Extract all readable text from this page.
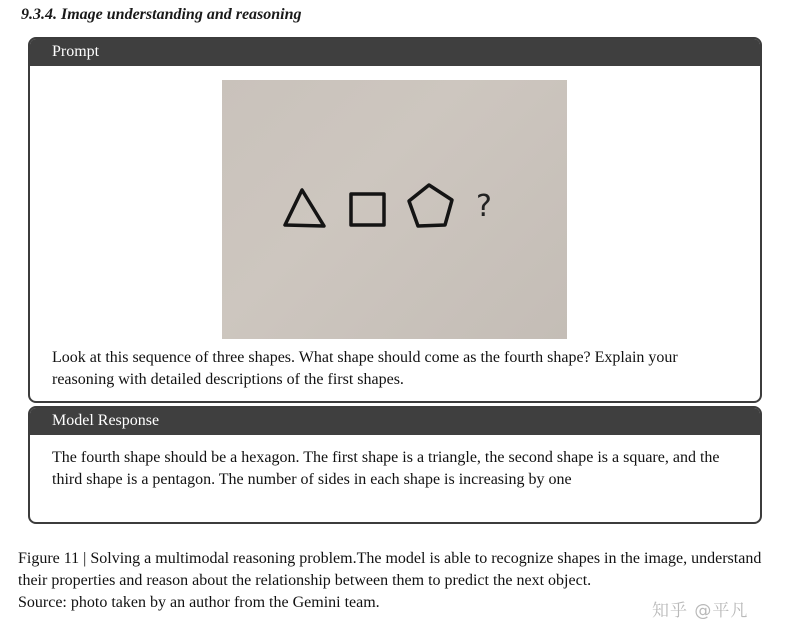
9.3.4. Image understanding and reasoning
Prompt
?
Look at this sequence of three shapes. What shape should come as the fourth shape? Explain your reasoning with detailed descriptions of the first shapes.
Model Response
The fourth shape should be a hexagon. The first shape is a triangle, the second shape is a square, and the third shape is a pentagon. The number of sides in each shape is increasing by one

Figure 11 | Solving a multimodal reasoning problem.The model is able to recognize shapes in the image, understand their properties and reason about the relationship between them to predict the next object.

Source: photo taken by an author from the Gemini team.	知乎 @平凡
